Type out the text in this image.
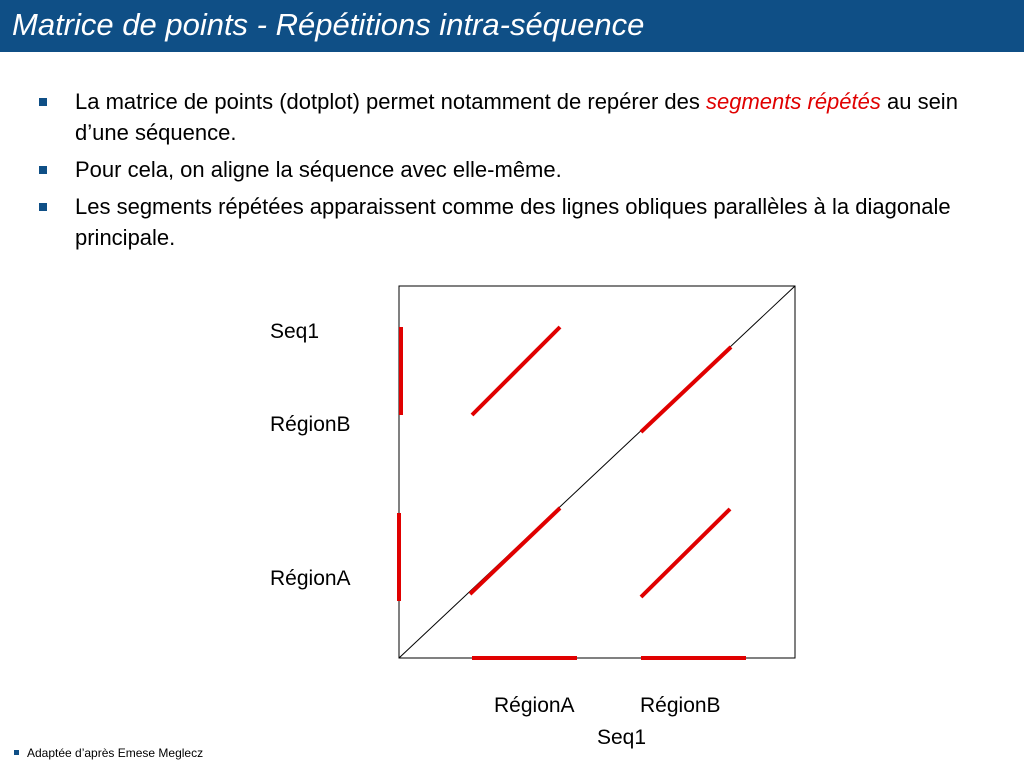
Matrice de points - Répétitions intra-séquence
La matrice de points (dotplot) permet notamment de repérer des segments répétés au sein d’une séquence.
Pour cela, on aligne la séquence avec elle-même.
Les segments répétées apparaissent comme des lignes obliques parallèles à la diagonale principale.
Seq1
RégionB
RégionA
RégionA	RégionB
Seq1
Adaptée d’après Emese Meglecz
